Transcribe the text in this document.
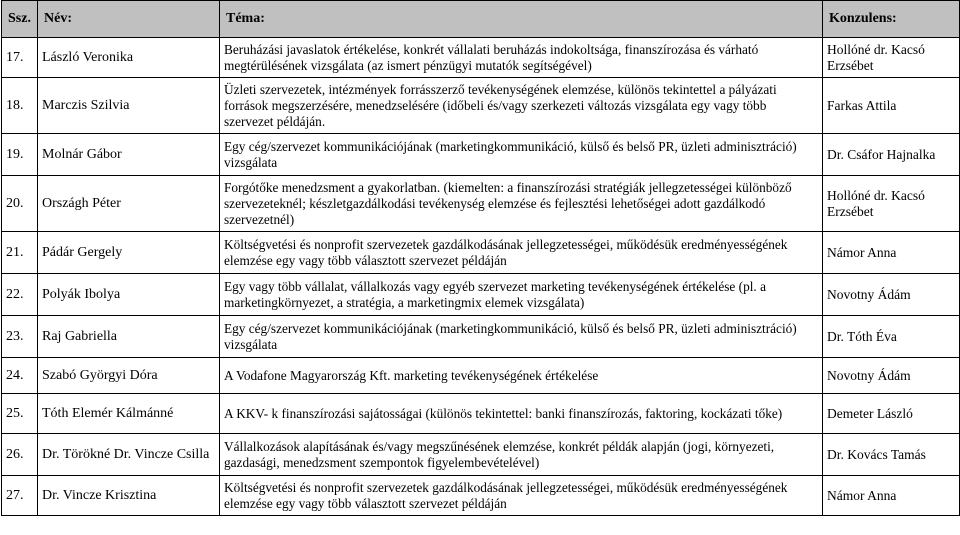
Ssz.	Név:	Téma:	Konzulens:
17.	László Veronika	Beruházási javaslatok értékelése, konkrét vállalati beruházás indokoltsága, finanszírozása és várható megtérülésének vizsgálata (az ismert pénzügyi mutatók segítségével)	Hollóné dr. Kacsó Erzsébet
18.	Marczis Szilvia	Üzleti szervezetek, intézmények forrásszerző tevékenységének elemzése, különös tekintettel a pályázati források megszerzésére, menedzselésére (időbeli és/vagy szerkezeti változás vizsgálata egy vagy több szervezet példáján.	Farkas Attila
19.	Molnár Gábor	Egy cég/szervezet kommunikációjának (marketingkommunikáció, külső és belső PR, üzleti adminisztráció) vizsgálata	Dr. Csáfor Hajnalka
20.	Országh Péter	Forgótőke menedzsment a gyakorlatban. (kiemelten: a finanszírozási stratégiák jellegzetességei különböző szervezeteknél; készletgazdálkodási tevékenység elemzése és fejlesztési lehetőségei adott gazdálkodó szervezetnél)	Hollóné dr. Kacsó Erzsébet
21.	Pádár Gergely	Költségvetési és nonprofit szervezetek gazdálkodásának jellegzetességei, működésük eredményességének elemzése egy vagy több választott szervezet példáján	Námor Anna
22.	Polyák Ibolya	Egy vagy több vállalat, vállalkozás vagy egyéb szervezet marketing tevékenységének értékelése (pl. a marketingkörnyezet, a stratégia, a marketingmix elemek vizsgálata)	Novotny Ádám
23.	Raj Gabriella	Egy cég/szervezet kommunikációjának (marketingkommunikáció, külső és belső PR, üzleti adminisztráció) vizsgálata	Dr. Tóth Éva
24.	Szabó Györgyi Dóra	A Vodafone Magyarország Kft. marketing tevékenységének értékelése	Novotny Ádám
25.	Tóth Elemér Kálmánné	A KKV- k finanszírozási sajátosságai (különös tekintettel: banki finanszírozás, faktoring, kockázati tőke)	Demeter László
26.	Dr. Törökné Dr. Vincze Csilla	Vállalkozások alapításának és/vagy megszűnésének elemzése, konkrét példák alapján (jogi, környezeti, gazdasági, menedzsment szempontok figyelembevételével)	Dr. Kovács Tamás
27.	Dr. Vincze Krisztina	Költségvetési és nonprofit szervezetek gazdálkodásának jellegzetességei, működésük eredményességének elemzése egy vagy több választott szervezet példáján	Námor Anna
